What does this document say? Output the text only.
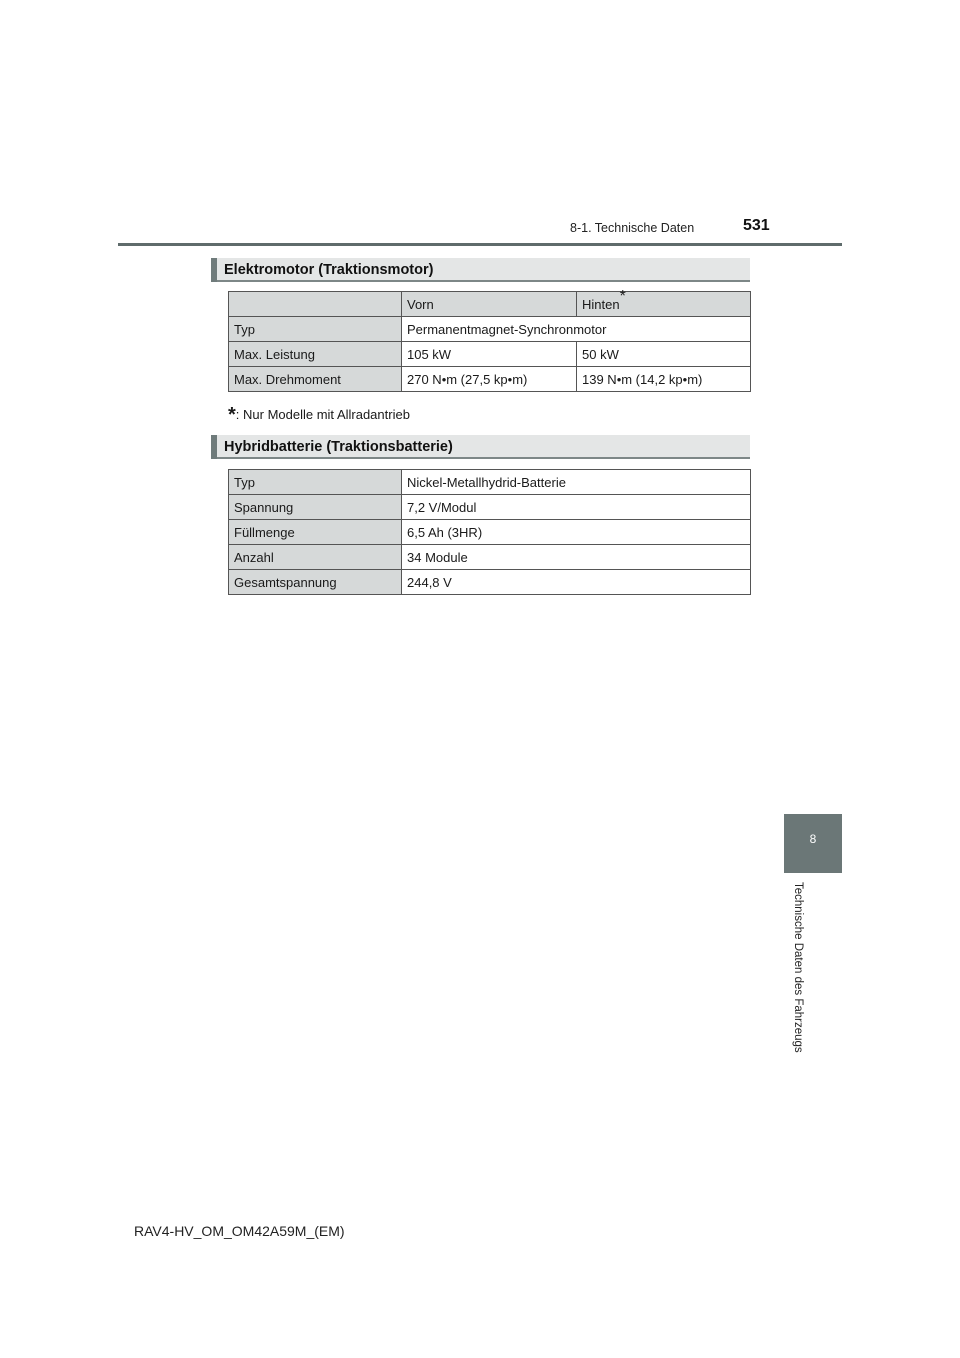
8-1. Technische Daten	531
Elektromotor (Traktionsmotor)
	Vorn	Hinten*
Typ	Permanentmagnet-Synchronmotor	
Max. Leistung	105 kW	50 kW
Max. Drehmoment	270 N•m (27,5 kp•m)	139 N•m (14,2 kp•m)
*: Nur Modelle mit Allradantrieb
Hybridbatterie (Traktionsbatterie)
Typ	Nickel-Metallhydrid-Batterie
Spannung	7,2 V/Modul
Füllmenge	6,5 Ah (3HR)
Anzahl	34 Module
Gesamtspannung	244,8 V
8
Technische Daten des Fahrzeugs
RAV4-HV_OM_OM42A59M_(EM)
